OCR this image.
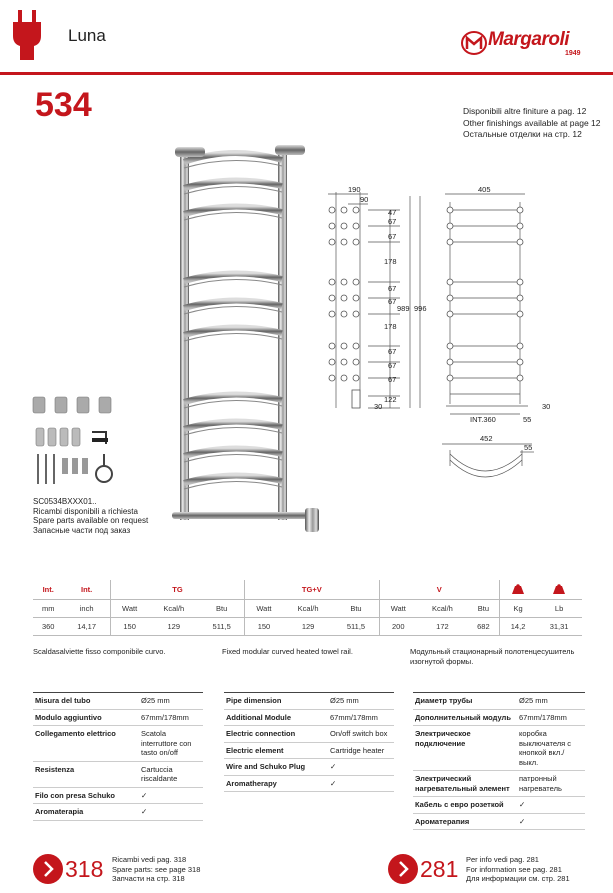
Luna	Margaroli
1949
534	Disponibili altre finiture a pag. 12
Other finishings available at page 12
Остальные отделки на стр. 12
SC0534BXXX01..
Ricambi disponibili a richiesta
Spare parts available on request
Запасные части под заказ
190
90
47
67
67
178
67
67
178
67
67
67
122
30
989 996
405
INT.360	55
30
452
55
Int.	Int.	TG			TG+V			V		
mm	inch	Watt	Kcal/h	Btu	Watt	Kcal/h	Btu	Watt	Kcal/h	Btu	Kg	Lb
360	14,17	150	129	511,5	150	129	511,5	200	172	682	14,2	31,31
Scaldasalviette fisso componibile curvo.	Fixed modular curved heated towel rail.	Модульный стационарный полотенцесушитель изогнутой формы.
Misura del tubo	Ø25 mm
Modulo aggiuntivo	67mm/178mm
Collegamento elettrico	Scatola interruttore con tasto on/off
Resistenza	Cartuccia riscaldante
Filo con presa Schuko	✓
Aromaterapia	✓
Pipe dimension	Ø25 mm
Additional Module	67mm/178mm
Electric connection	On/off switch box
Electric element	Cartridge heater
Wire and Schuko Plug	✓
Aromatherapy	✓
Диаметр трубы	Ø25 mm
Дополнительный модуль	67mm/178mm
Электрическое подключение	коробка выключателя с кнопкой вкл./выкл.
Электрический нагревательный элемент	патронный нагреватель
Кабель с евро розеткой	✓
Ароматерапия	✓
318 Ricambi vedi pag. 318
Spare parts: see page 318
Запчасти на стр. 318	281 Per info vedi pag. 281
For information see pag. 281
Для информации см. стр. 281
